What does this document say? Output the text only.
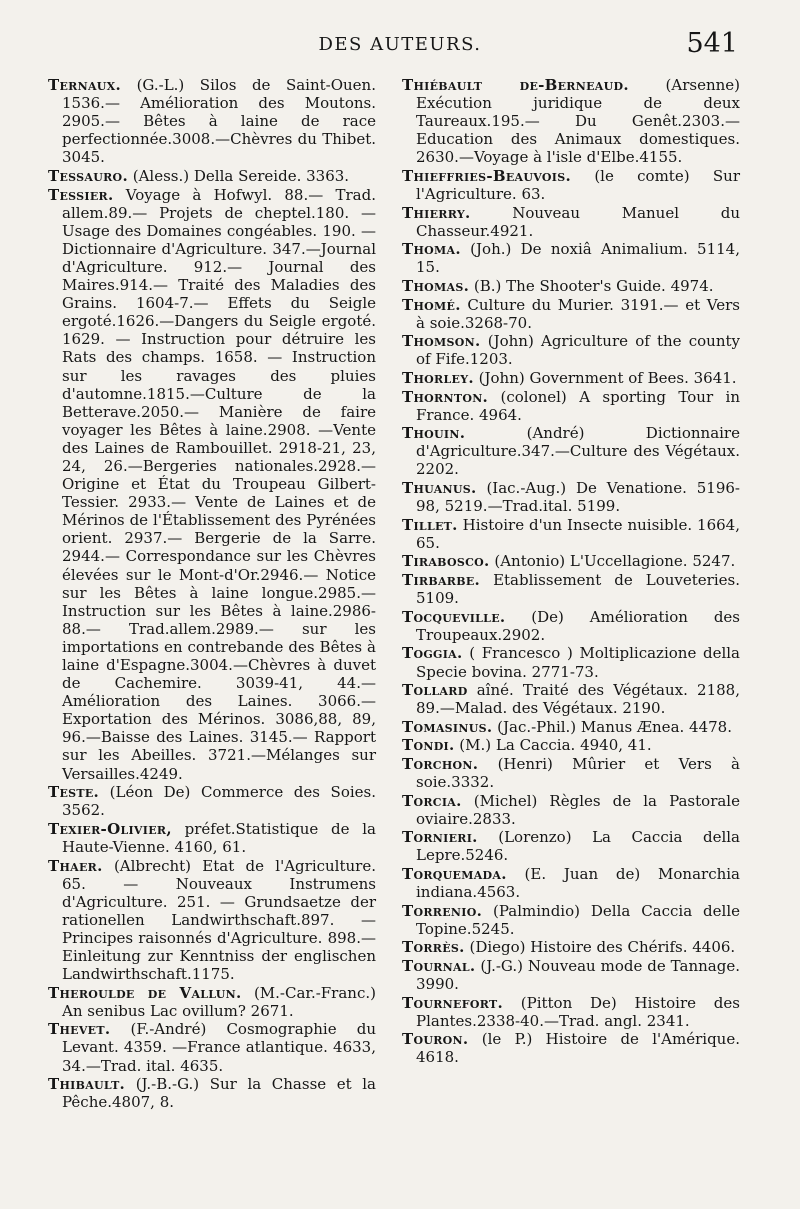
DES AUTEURS.	541

Ternaux. (G.-L.) Silos de Saint-Ouen. 1536.— Amélioration des Moutons. 2905.— Bêtes à laine de race perfectionnée.3008.—Chèvres du Thibet. 3045.

Tessauro. (Aless.) Della Sereide. 3363.

Tessier. Voyage à Hofwyl. 88.— Trad. allem.89.— Projets de cheptel.180. — Usage des Domaines congéables. 190. — Dictionnaire d'Agriculture. 347.—Journal d'Agriculture. 912.— Journal des Maires.914.— Traité des Maladies des Grains. 1604-7.— Effets du Seigle ergoté.1626.—Dangers du Seigle ergoté. 1629. — Instruction pour détruire les Rats des champs. 1658. — Instruction sur les ravages des pluies d'automne.1815.—Culture de la Betterave.2050.— Manière de faire voyager les Bêtes à laine.2908. —Vente des Laines de Rambouillet. 2918-21, 23, 24, 26.—Bergeries nationales.2928.—Origine et État du Troupeau Gilbert-Tessier. 2933.— Vente de Laines et de Mérinos de l'Établissement des Pyrénées orient. 2937.— Bergerie de la Sarre. 2944.— Correspondance sur les Chèvres élevées sur le Mont-d'Or.2946.— Notice sur les Bêtes à laine longue.2985.—Instruction sur les Bêtes à laine.2986-88.— Trad.allem.2989.— sur les importations en contrebande des Bêtes à laine d'Espagne.3004.—Chèvres à duvet de Cachemire. 3039-41, 44.— Amélioration des Laines. 3066.— Exportation des Mérinos. 3086,88, 89, 96.—Baisse des Laines. 3145.— Rapport sur les Abeilles. 3721.—Mélanges sur Versailles.4249.

Teste. (Léon De) Commerce des Soies. 3562.

Texier-Olivier, préfet.Statistique de la Haute-Vienne. 4160, 61.

Thaer. (Albrecht) Etat de l'Agriculture. 65. — Nouveaux Instrumens d'Agriculture. 251. — Grundsaetze der rationellen Landwirthschaft.897. —Principes raisonnés d'Agriculture. 898.—Einleitung zur Kenntniss der englischen Landwirthschaft.1175.

Theroulde de Vallun. (M.-Car.-Franc.) An senibus Lac ovillum? 2671.

Thevet. (F.-André) Cosmographie du Levant. 4359. —France atlantique. 4633, 34.—Trad. ital. 4635.

Thibault. (J.-B.-G.) Sur la Chasse et la Pêche.4807, 8.

Thiébault de-Berneaud. (Arsenne) Exécution juridique de deux Taureaux.195.— Du Genêt.2303.— Education des Animaux domestiques. 2630.—Voyage à l'isle d'Elbe.4155.

Thieffries-Beauvois. (le comte) Sur l'Agriculture. 63.

Thierry.	Nouveau Manuel du Chasseur.4921.

Thoma. (Joh.) De noxiâ Animalium. 5114, 15.

Thomas. (B.) The Shooter's Guide. 4974.

Thomé. Culture du Murier. 3191.— et Vers à soie.3268-70.

Thomson. (John) Agriculture of the county of Fife.1203.

Thorley. (John) Government of Bees. 3641.

Thornton. (colonel) A sporting Tour in France. 4964.

Thouin.	(André) Dictionnaire d'Agriculture.347.—Culture des Végétaux. 2202.

Thuanus. (Iac.-Aug.) De Venatione. 5196-98, 5219.—Trad.ital. 5199.

Tillet. Histoire d'un Insecte nuisible. 1664, 65.

Tirabosco. (Antonio) L'Uccellagione. 5247.

Tirbarbe. Etablissement de Louveteries. 5109.

Tocqueville. (De) Amélioration des Troupeaux.2902.

Toggia. ( Francesco ) Moltiplicazione della Specie bovina. 2771-73.

Tollard aîné. Traité des Végétaux. 2188, 89.—Malad. des Végétaux. 2190.

Tomasinus. (Jac.-Phil.) Manus Æneа. 4478.

Tondi. (M.) La Caccia. 4940, 41.

Torchon. (Henri) Mûrier et Vers à soie.3332.

Torcia. (Michel) Règles de la Pastorale oviaire.2833.

Tornieri. (Lorenzo) La Caccia della Lepre.5246.

Torquemada. (E. Juan de) Monarchia indiana.4563.

Torrenio. (Palmindio) Della Caccia delle Topine.5245.

Torrès. (Diego) Histoire des Chérifs. 4406.

Tournal. (J.-G.) Nouveau mode de Tannage. 3990.

Tournefort. (Pitton De) Histoire des Plantes.2338-40.—Trad. angl. 2341.

Touron. (le P.) Histoire de l'Amérique. 4618.
